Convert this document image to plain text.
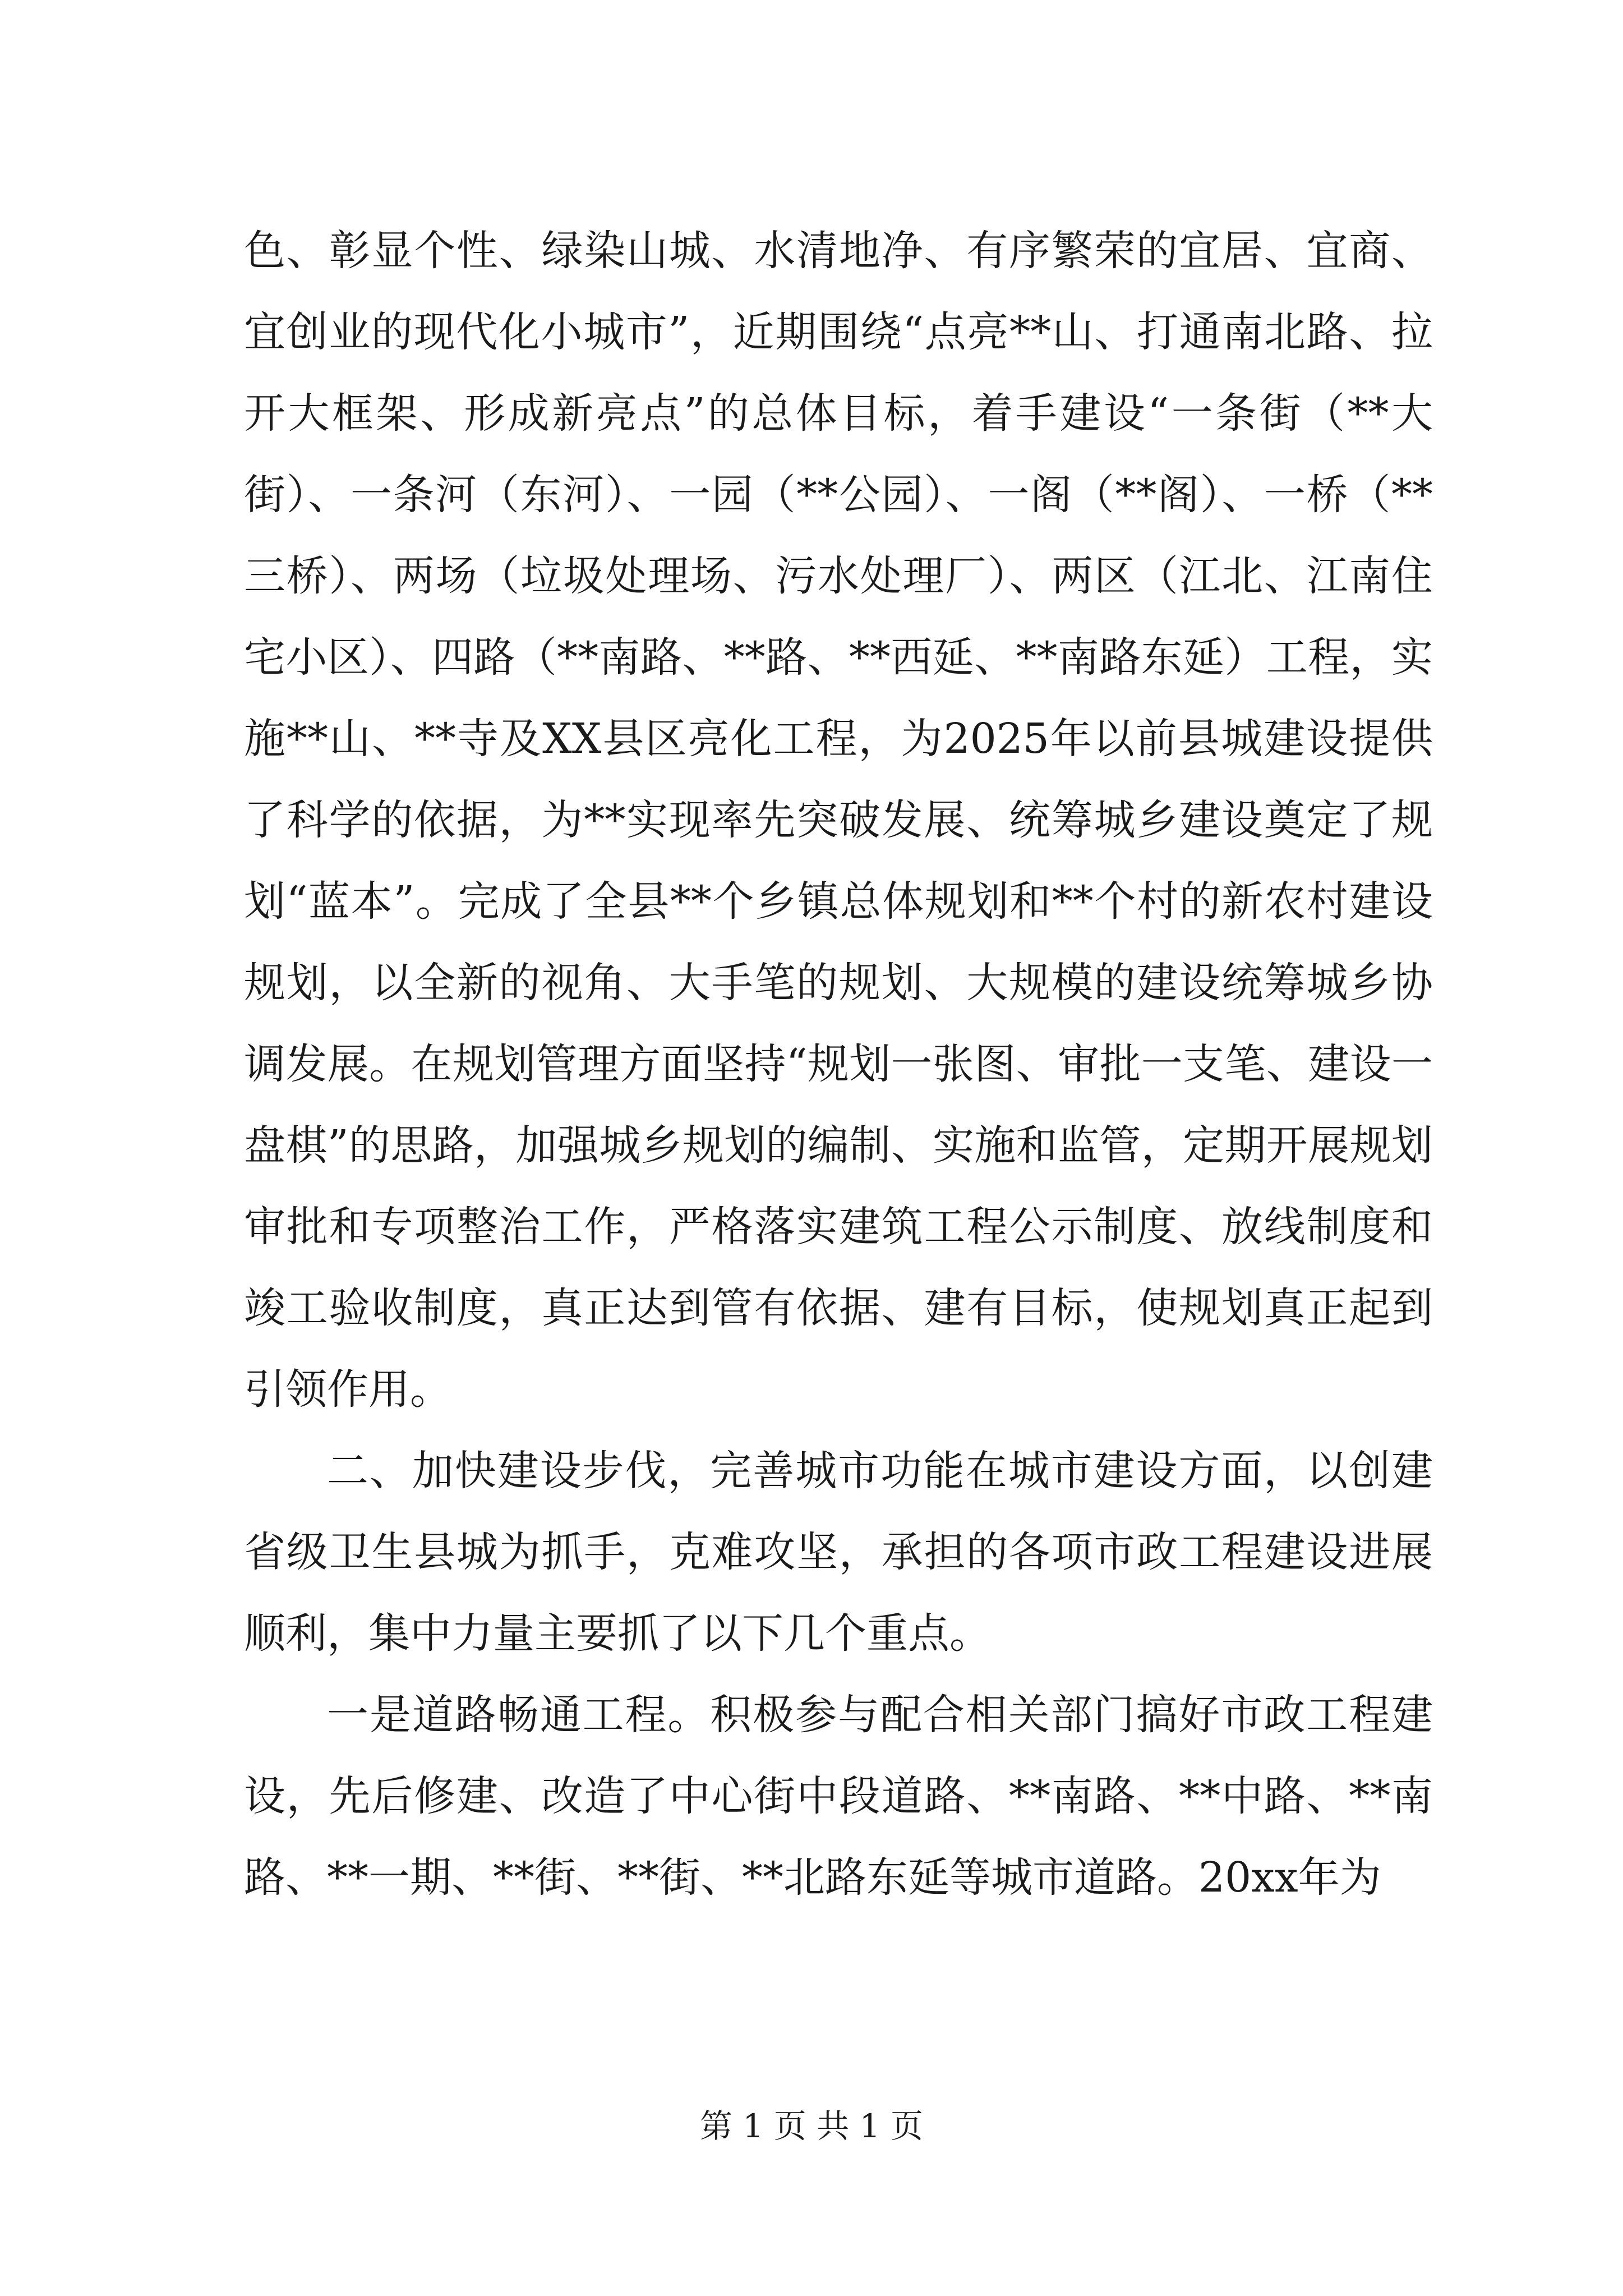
色、彰显个性、绿染山城、水清地净、有序繁荣的宜居、宜商、宜创业的现代化小城市”，近期围绕“点亮**山、打通南北路、拉开大框架、形成新亮点”的总体目标，着手建设“一条街（**大街）、一条河（东河）、一园（**公园）、一阁（**阁）、一桥（**三桥）、两场（垃圾处理场、污水处理厂）、两区（江北、江南住宅小区）、四路（**南路、**路、**西延、**南路东延）工程，实施**山、**寺及XX县区亮化工程，为2025年以前县城建设提供了科学的依据，为**实现率先突破发展、统筹城乡建设奠定了规划“蓝本”。完成了全县**个乡镇总体规划和**个村的新农村建设规划，以全新的视角、大手笔的规划、大规模的建设统筹城乡协调发展。在规划管理方面坚持“规划一张图、审批一支笔、建设一盘棋”的思路，加强城乡规划的编制、实施和监管，定期开展规划审批和专项整治工作，严格落实建筑工程公示制度、放线制度和竣工验收制度，真正达到管有依据、建有目标，使规划真正起到引领作用。

二、加快建设步伐，完善城市功能在城市建设方面，以创建省级卫生县城为抓手，克难攻坚，承担的各项市政工程建设进展顺利，集中力量主要抓了以下几个重点。

一是道路畅通工程。积极参与配合相关部门搞好市政工程建设，先后修建、改造了中心街中段道路、**南路、**中路、**南路、**一期、**街、**街、**北路东延等城市道路。20xx年为

第 1 页 共 1 页
